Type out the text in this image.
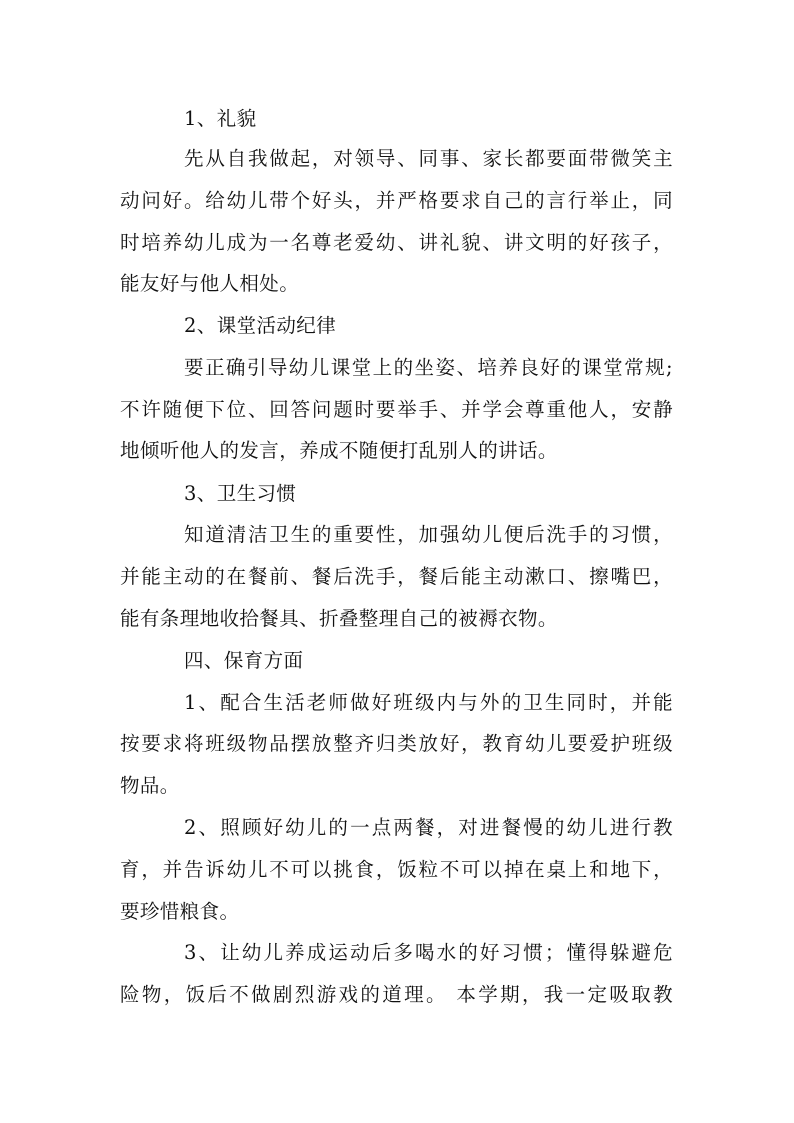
1、礼貌
先从自我做起，对领导、同事、家长都要面带微笑主
动问好。给幼儿带个好头，并严格要求自己的言行举止，同
时培养幼儿成为一名尊老爱幼、讲礼貌、讲文明的好孩子，
能友好与他人相处。
2、课堂活动纪律
要正确引导幼儿课堂上的坐姿、培养良好的课堂常规;
不许随便下位、回答问题时要举手、并学会尊重他人，安静
地倾听他人的发言，养成不随便打乱别人的讲话。
3、卫生习惯
知道清洁卫生的重要性，加强幼儿便后洗手的习惯，
并能主动的在餐前、餐后洗手，餐后能主动漱口、擦嘴巴，
能有条理地收拾餐具、折叠整理自己的被褥衣物。
四、保育方面
1、配合生活老师做好班级内与外的卫生同时，并能
按要求将班级物品摆放整齐归类放好，教育幼儿要爱护班级
物品。
2、照顾好幼儿的一点两餐，对进餐慢的幼儿进行教
育，并告诉幼儿不可以挑食，饭粒不可以掉在桌上和地下，
要珍惜粮食。
3、让幼儿养成运动后多喝水的好习惯；懂得躲避危
险物，饭后不做剧烈游戏的道理。 本学期，我一定吸取教
